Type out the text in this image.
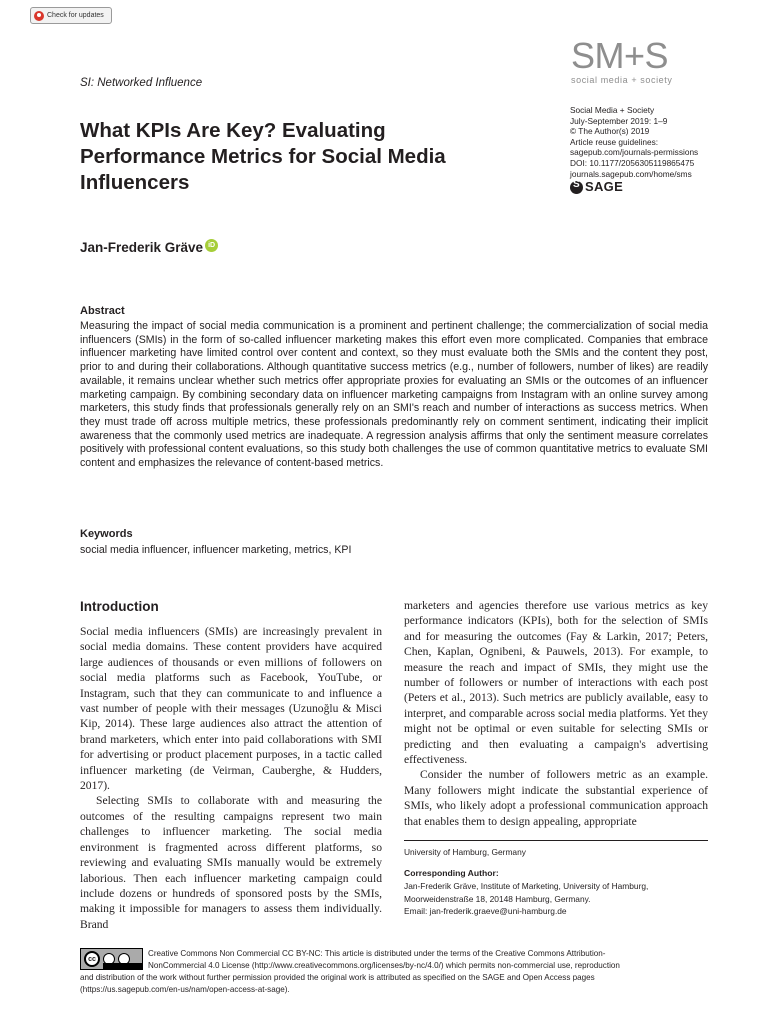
Check for updates
SM+S
social media + society
SI: Networked Influence
What KPIs Are Key? Evaluating Performance Metrics for Social Media Influencers
Social Media + Society
July-September 2019: 1–9
© The Author(s) 2019
Article reuse guidelines:
sagepub.com/journals-permissions
DOI: 10.1177/2056305119865475
journals.sagepub.com/home/sms
S
SAGE
Jan-Frederik Gräve iD
Abstract
Measuring the impact of social media communication is a prominent and pertinent challenge; the commercialization of social media influencers (SMIs) in the form of so-called influencer marketing makes this effort even more complicated. Companies that embrace influencer marketing have limited control over content and context, so they must evaluate both the SMIs and the content they post, prior to and during their collaborations. Although quantitative success metrics (e.g., number of followers, number of likes) are readily available, it remains unclear whether such metrics offer appropriate proxies for evaluating an SMIs or the outcomes of an influencer marketing campaign. By combining secondary data on influencer marketing campaigns from Instagram with an online survey among marketers, this study finds that professionals generally rely on an SMI's reach and number of interactions as success metrics. When they must trade off across multiple metrics, these professionals predominantly rely on comment sentiment, indicating their implicit awareness that the commonly used metrics are inadequate. A regression analysis affirms that only the sentiment measure correlates positively with professional content evaluations, so this study both challenges the use of common quantitative metrics to evaluate SMI content and emphasizes the relevance of content-based metrics.
Keywords
social media influencer, influencer marketing, metrics, KPI
Introduction

Social media influencers (SMIs) are increasingly prevalent in social media domains. These content providers have acquired large audiences of thousands or even millions of followers on social media platforms such as Facebook, YouTube, or Instagram, such that they can communicate to and influence a vast number of people with their messages (Uzunoğlu & Misci Kip, 2014). These large audiences also attract the attention of brand marketers, which enter into paid collaborations with SMI for advertising or product placement purposes, in a tactic called influencer marketing (de Veirman, Cauberghe, & Hudders, 2017).

Selecting SMIs to collaborate with and measuring the outcomes of the resulting campaigns represent two main challenges to influencer marketing. The social media environment is fragmented across different platforms, so reviewing and evaluating SMIs manually would be extremely laborious. Then each influencer marketing campaign could include dozens or hundreds of sponsored posts by the SMIs, making it impossible for managers to assess them individually. Brand

marketers and agencies therefore use various metrics as key performance indicators (KPIs), both for the selection of SMIs and for measuring the outcomes (Fay & Larkin, 2017; Peters, Chen, Kaplan, Ognibeni, & Pauwels, 2013). For example, to measure the reach and impact of SMIs, they might use the number of followers or number of interactions with each post (Peters et al., 2013). Such metrics are publicly available, easy to interpret, and comparable across social media platforms. Yet they might not be optimal or even suitable for selecting SMIs or predicting and then evaluating a campaign's advertising effectiveness.

Consider the number of followers metric as an example. Many followers might indicate the substantial experience of SMIs, who likely adopt a professional communication approach that enables them to design appealing, appropriate

University of Hamburg, Germany
Corresponding Author:
Jan-Frederik Gräve, Institute of Marketing, University of Hamburg,
Moorweidenstraße 18, 20148 Hamburg, Germany.
Email: jan-frederik.graeve@uni-hamburg.de
Creative Commons Non Commercial CC BY-NC: This article is distributed under the terms of the Creative Commons Attribution-
NonCommercial 4.0 License (http://www.creativecommons.org/licenses/by-nc/4.0/) which permits non-commercial use, reproduction
and distribution of the work without further permission provided the original work is attributed as specified on the SAGE and Open Access pages
(https://us.sagepub.com/en-us/nam/open-access-at-sage).
cc
